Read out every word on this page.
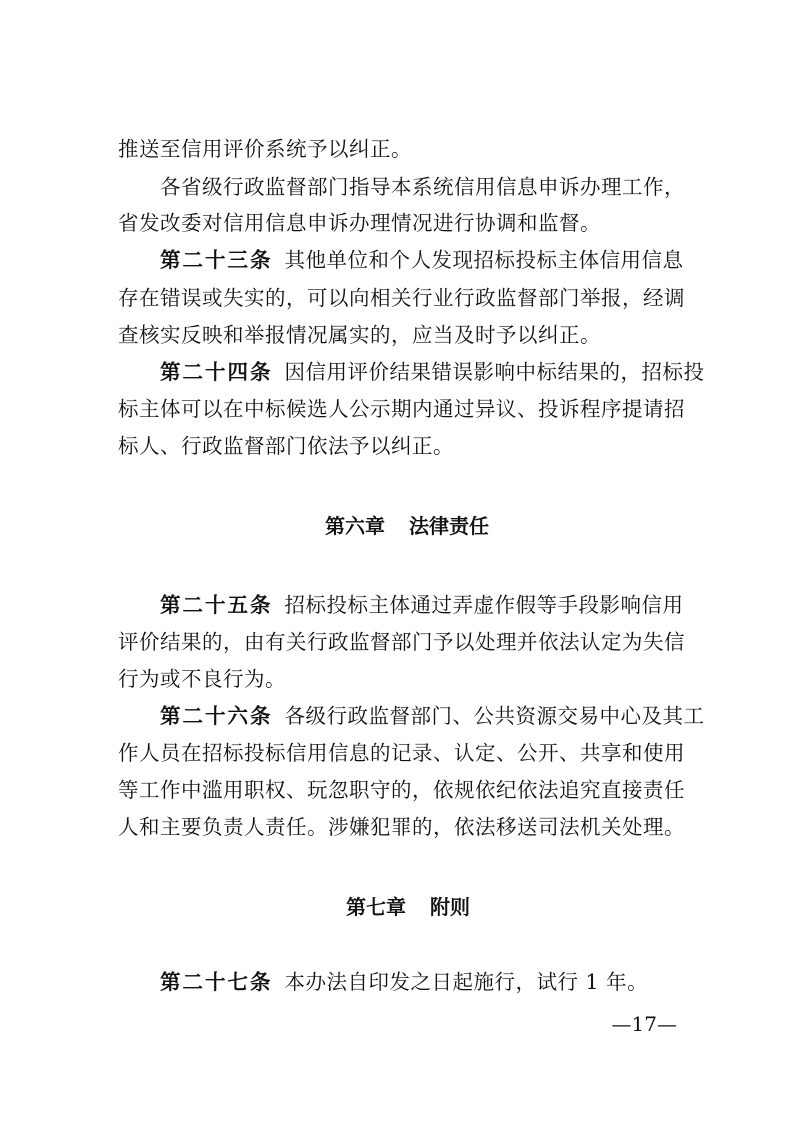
推送至信用评价系统予以纠正。
各省级行政监督部门指导本系统信用信息申诉办理工作，
省发改委对信用信息申诉办理情况进行协调和监督。
第二十三条 其他单位和个人发现招标投标主体信用信息
存在错误或失实的，可以向相关行业行政监督部门举报，经调
查核实反映和举报情况属实的，应当及时予以纠正。
第二十四条 因信用评价结果错误影响中标结果的，招标投
标主体可以在中标候选人公示期内通过异议、投诉程序提请招
标人、行政监督部门依法予以纠正。
第六章 法律责任
第二十五条 招标投标主体通过弄虚作假等手段影响信用
评价结果的，由有关行政监督部门予以处理并依法认定为失信
行为或不良行为。
第二十六条 各级行政监督部门、公共资源交易中心及其工
作人员在招标投标信用信息的记录、认定、公开、共享和使用
等工作中滥用职权、玩忽职守的，依规依纪依法追究直接责任
人和主要负责人责任。涉嫌犯罪的，依法移送司法机关处理。
第七章 附则
第二十七条 本办法自印发之日起施行，试行 1 年。
—17—
